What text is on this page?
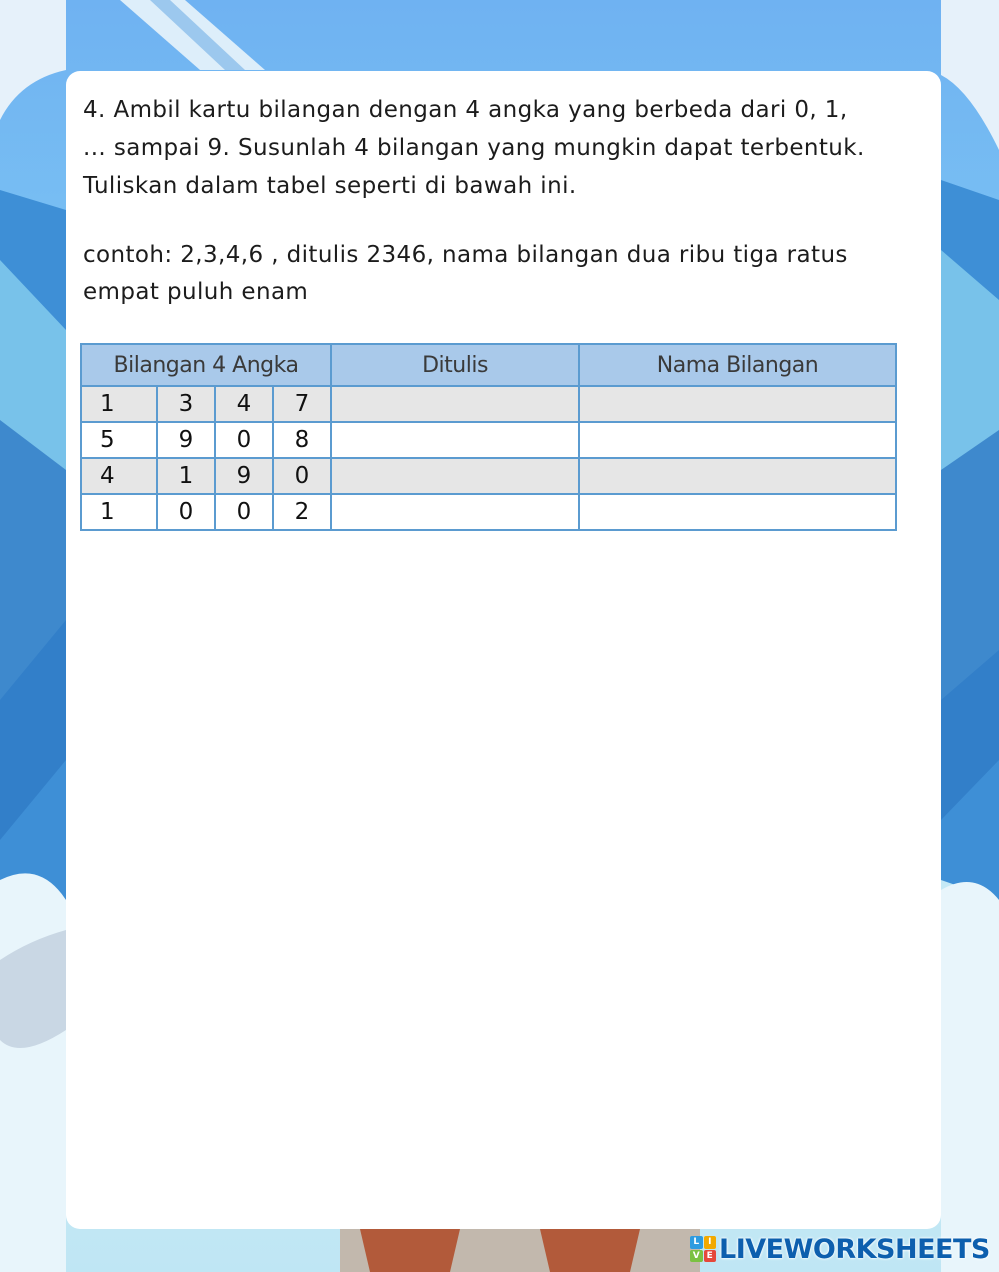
4. Ambil kartu bilangan dengan 4 angka yang berbeda dari 0, 1,
... sampai 9. Susunlah 4 bilangan yang mungkin dapat terbentuk.
Tuliskan dalam tabel seperti di bawah ini.

contoh: 2,3,4,6 , ditulis 2346, nama bilangan dua ribu tiga ratus
empat puluh enam

Bilangan 4 Angka				Ditulis	Nama Bilangan
1	3	4	7		
5	9	0	8		
4	1	9	0		
1	0	0	2		
L I
V E LIVEWORKSHEETS
